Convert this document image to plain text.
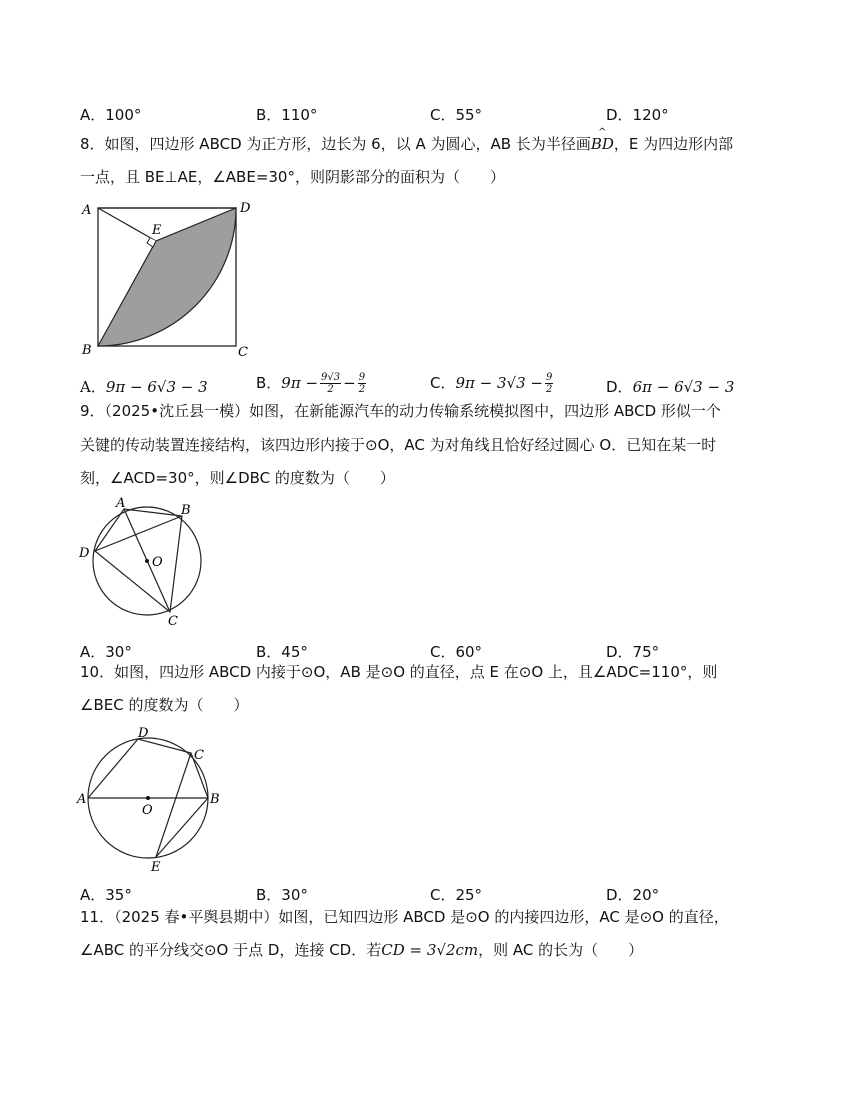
A．100°	B．110°	C．55°	D．120°
8．如图，四边形 ABCD 为正方形，边长为 6，以 A 为圆心，AB 长为半径画
^
BD，E 为四边形内部
一点，且 BE⊥AE，∠ABE=30°，则阴影部分的面积为（　　）
A	D
E
B	C
A．9π − 6√3 − 3	B．$9\pi - \frac{9√3}{2} - \frac{9}{2}$	C．$9\pi - 3√3 - \frac{9}{2}$	D．6π − 6√3 − 3
9．（2025•沈丘县一模）如图，在新能源汽车的动力传输系统模拟图中，四边形 ABCD 形似一个
关键的传动装置连接结构，该四边形内接于⊙O，AC 为对角线且恰好经过圆心 O．已知在某一时
刻，∠ACD=30°，则∠DBC 的度数为（　　）
A	B
D
O
C
A．30°	B．45°	C．60°	D．75°
10．如图，四边形 ABCD 内接于⊙O，AB 是⊙O 的直径，点 E 在⊙O 上，且∠ADC=110°，则
∠BEC 的度数为（　　）
D
C
A
O
B
E
A．35°	B．30°	C．25°	D．20°
11．（2025 春•平舆县期中）如图，已知四边形 ABCD 是⊙O 的内接四边形，AC 是⊙O 的直径，
∠ABC 的平分线交⊙O 于点 D，连接 CD．若CD = 3√2cm，则 AC 的长为（　　）
